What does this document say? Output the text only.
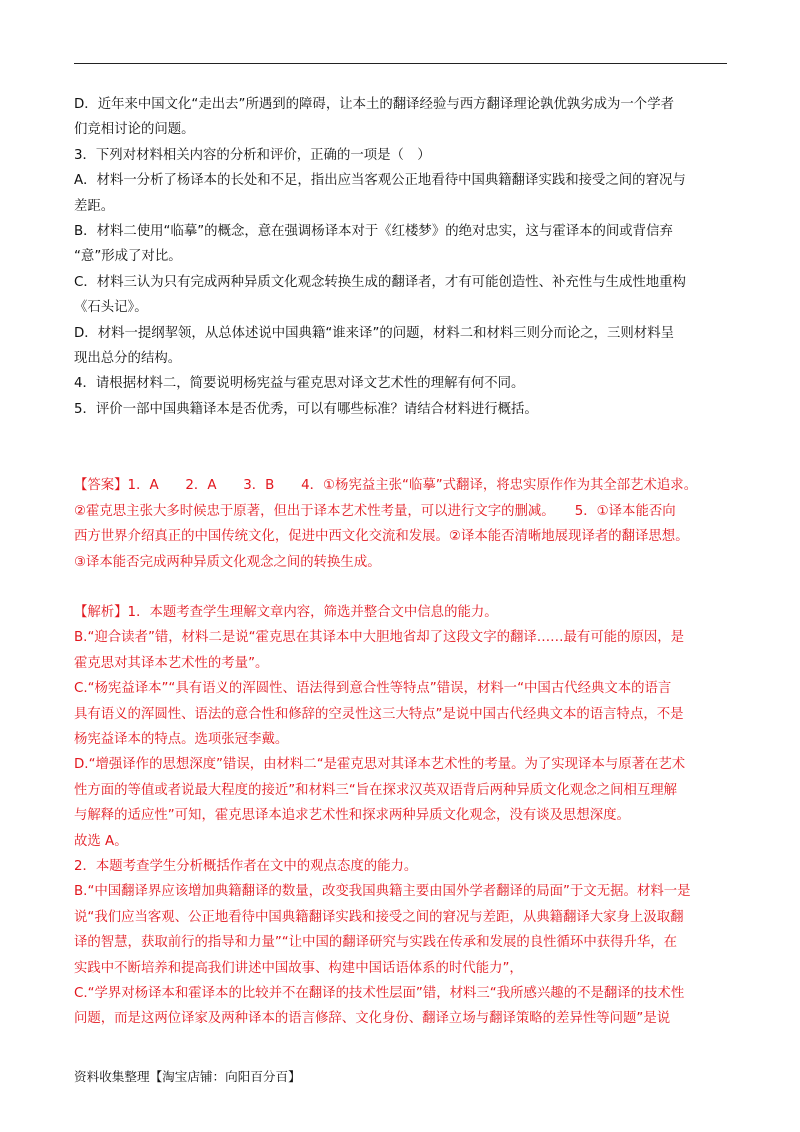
D．近年来中国文化“走出去”所遇到的障碍，让本土的翻译经验与西方翻译理论孰优孰劣成为一个学者
们竞相讨论的问题。

3．下列对材料相关内容的分析和评价，正确的一项是（　）

A．材料一分析了杨译本的长处和不足，指出应当客观公正地看待中国典籍翻译实践和接受之间的窘况与
差距。

B．材料二使用“临摹”的概念，意在强调杨译本对于《红楼梦》的绝对忠实，这与霍译本的间或背信弃
“意”形成了对比。

C．材料三认为只有完成两种异质文化观念转换生成的翻译者，才有可能创造性、补充性与生成性地重构
《石头记》。

D．材料一提纲挈领，从总体述说中国典籍“谁来译”的问题，材料二和材料三则分而论之，三则材料呈
现出总分的结构。

4．请根据材料二，简要说明杨宪益与霍克思对译文艺术性的理解有何不同。

5．评价一部中国典籍译本是否优秀，可以有哪些标准？请结合材料进行概括。

【答案】1．A　　2．A　　3．B　　4．①杨宪益主张“临摹”式翻译，将忠实原作作为其全部艺术追求。
②霍克思主张大多时候忠于原著，但出于译本艺术性考量，可以进行文字的删减。　　5．①译本能否向
西方世界介绍真正的中国传统文化，促进中西文化交流和发展。②译本能否清晰地展现译者的翻译思想。
③译本能否完成两种异质文化观念之间的转换生成。

【解析】1．本题考查学生理解文章内容，筛选并整合文中信息的能力。

B.“迎合读者”错，材料二是说“霍克思在其译本中大胆地省却了这段文字的翻译……最有可能的原因，是
霍克思对其译本艺术性的考量”。

C.“杨宪益译本”“具有语义的浑圆性、语法得到意合性等特点”错误，材料一“中国古代经典文本的语言
具有语义的浑圆性、语法的意合性和修辞的空灵性这三大特点”是说中国古代经典文本的语言特点，不是
杨宪益译本的特点。选项张冠李戴。

D.“增强译作的思想深度”错误，由材料二“是霍克思对其译本艺术性的考量。为了实现译本与原著在艺术
性方面的等值或者说最大程度的接近”和材料三“旨在探求汉英双语背后两种异质文化观念之间相互理解
与解释的适应性”可知，霍克思译本追求艺术性和探求两种异质文化观念，没有谈及思想深度。

故选 A。

2．本题考查学生分析概括作者在文中的观点态度的能力。

B.“中国翻译界应该增加典籍翻译的数量，改变我国典籍主要由国外学者翻译的局面”于文无据。材料一是
说“我们应当客观、公正地看待中国典籍翻译实践和接受之间的窘况与差距，从典籍翻译大家身上汲取翻
译的智慧，获取前行的指导和力量”“让中国的翻译研究与实践在传承和发展的良性循环中获得升华，在
实践中不断培养和提高我们讲述中国故事、构建中国话语体系的时代能力”，

C.“学界对杨译本和霍译本的比较并不在翻译的技术性层面”错，材料三“我所感兴趣的不是翻译的技术性
问题，而是这两位译家及两种译本的语言修辞、文化身份、翻译立场与翻译策略的差异性等问题”是说

资料收集整理【淘宝店铺：向阳百分百】
